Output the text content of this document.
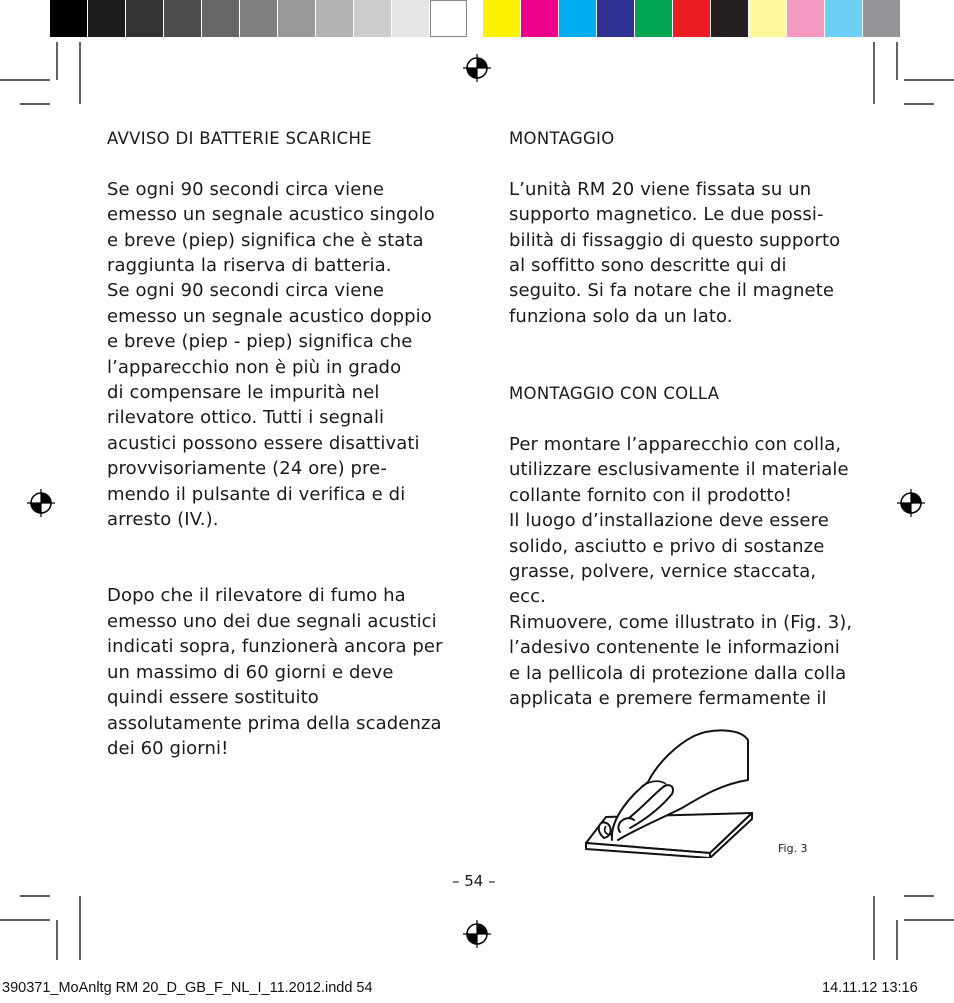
AVVISO DI BATTERIE SCARICHE

Se ogni 90 secondi circa viene
emesso un segnale acustico singolo
e breve (piep) significa che è stata
raggiunta la riserva di batteria.
Se ogni 90 secondi circa viene
emesso un segnale acustico doppio
e breve (piep - piep) significa che
l’apparecchio non è più in grado
di compensare le impurità nel
rilevatore ottico. Tutti i segnali
acustici possono essere disattivati
provvisoriamente (24 ore) pre-
mendo il pulsante di verifica e di
arresto (IV.).

Dopo che il rilevatore di fumo ha
emesso uno dei due segnali acustici
indicati sopra, funzionerà ancora per
un massimo di 60 giorni e deve
quindi essere sostituito
assolutamente prima della scadenza
dei 60 giorni!

MONTAGGIO

L’unità RM 20 viene fissata su un
supporto magnetico. Le due possi-
bilità di fissaggio di questo supporto
al soffitto sono descritte qui di
seguito. Si fa notare che il magnete
funziona solo da un lato.

MONTAGGIO CON COLLA

Per montare l’apparecchio con colla,
utilizzare esclusivamente il materiale
collante fornito con il prodotto!
Il luogo d’installazione deve essere
solido, asciutto e privo di sostanze
grasse, polvere, vernice staccata, ecc.
Rimuovere, come illustrato in (Fig. 3),
l’adesivo contenente le informazioni
e la pellicola di protezione dalla colla
applicata e premere fermamente il

Fig. 3
– 54 –
390371_MoAnltg RM 20_D_GB_F_NL_I_11.2012.indd 54	14.11.12 13:16
